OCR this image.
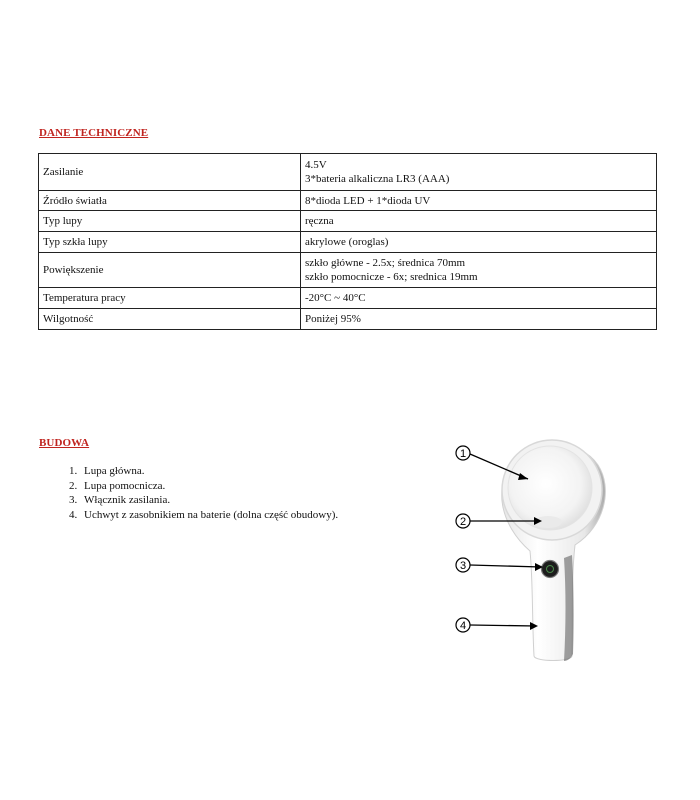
DANE TECHNICZNE
Zasilanie	4.5V
3*bateria alkaliczna LR3 (AAA)

Źródło światła	8*dioda LED + 1*dioda UV
Typ lupy	ręczna
Typ szkła lupy	akrylowe (oroglas)
Powiększenie	szkło główne - 2.5x; średnica 70mm
szkło pomocnicze - 6x; srednica 19mm

Temperatura pracy	-20°C ~ 40°C
Wilgotność	Poniżej 95%
BUDOWA
1. Lupa główna.
2. Lupa pomocnicza.
3. Włącznik zasilania.
4. Uchwyt z zasobnikiem na baterie (dolna część obudowy).
1
2
3
4
